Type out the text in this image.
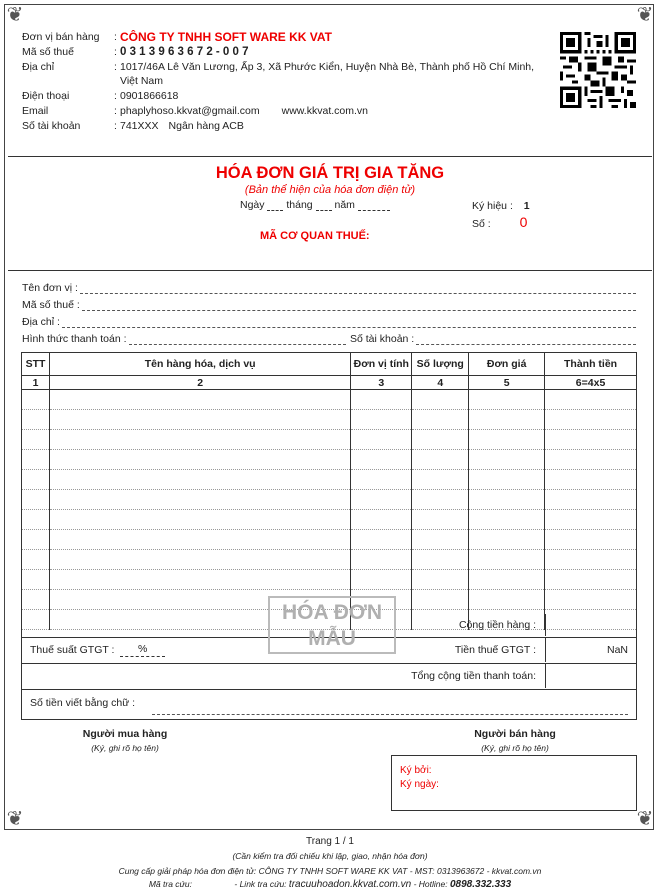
❦	❦
❦	❦
Đơn vị bán hàng	: CÔNG TY TNHH SOFT WARE KK VAT
Mã số thuế	: 0 3 1 3 9 6 3 6 7 2 - 0 0 7
Địa chỉ	: 1017/46A Lê Văn Lương, Ấp 3, Xã Phước Kiển, Huyện Nhà Bè, Thành phố Hồ Chí Minh, Việt Nam
Điện thoại	: 0901866618
Email	: phaplyhoso.kkvat@gmail.com www.kkvat.com.vn
Số tài khoản	: 741XXX Ngân hàng ACB
HÓA ĐƠN GIÁ TRỊ GIA TĂNG
(Bản thể hiện của hóa đơn điện tử)
Ngày tháng năm	Ký hiệu : 1
Số : 0
MÃ CƠ QUAN THUẾ:
Tên đơn vị :
Mã số thuế :
Địa chỉ :
Hình thức thanh toán :	Số tài khoản :
STT	Tên hàng hóa, dịch vụ	Đơn vị tính	Số lượng	Đơn giá	Thành tiền
1	2	3	4	5	6=4x5

Cộng tiền hàng :
Thuế suất GTGT : %	Tiền thuế GTGT :	NaN
Tổng cộng tiền thanh toán:
Số tiền viết bằng chữ :
HÓA ĐƠN
MẪU
Người mua hàng
(Ký, ghi rõ họ tên)
Người bán hàng
(Ký, ghi rõ họ tên)
Ký bởi:
Ký ngày:
Trang 1 / 1
(Cần kiểm tra đối chiếu khi lập, giao, nhận hóa đơn)
Cung cấp giải pháp hóa đơn điện tử: CÔNG TY TNHH SOFT WARE KK VAT - MST: 0313963672 - kkvat.com.vn
Mã tra cứu:	- Link tra cứu: tracuuhoadon.kkvat.com.vn - Hotline: 0898.332.333
